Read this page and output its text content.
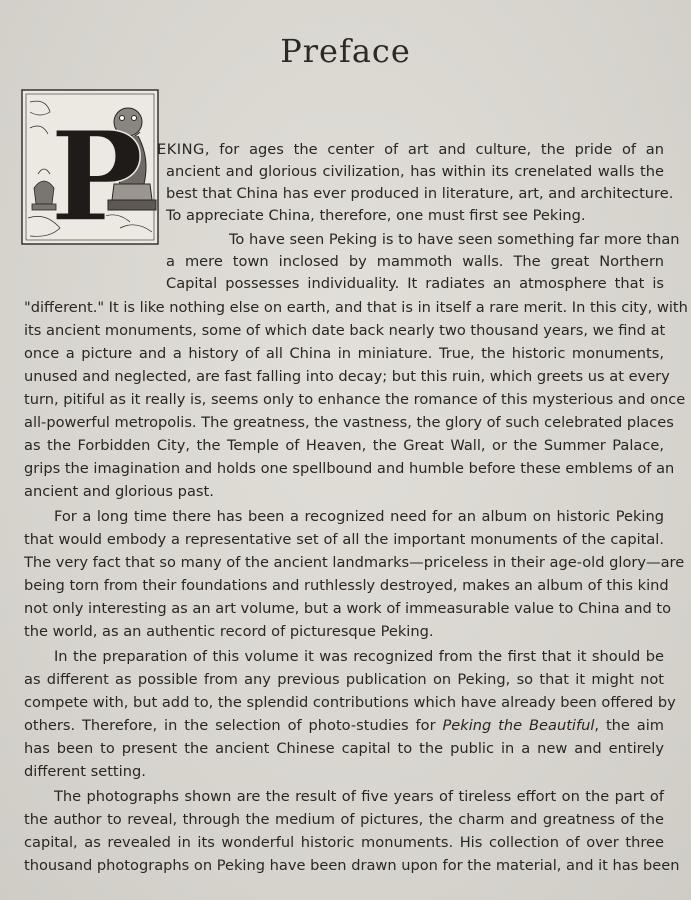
Preface
P EKING, for ages the center of art and culture, the pride of an
ancient and glorious civilization, has within its crenelated walls the
best that China has ever produced in literature, art, and architecture.
To appreciate China, therefore, one must first see Peking.
To have seen Peking is to have seen something far more than
a mere town inclosed by mammoth walls. The great Northern
Capital possesses individuality. It radiates an atmosphere that is
"different." It is like nothing else on earth, and that is in itself a rare merit. In this city, with
its ancient monuments, some of which date back nearly two thousand years, we find at
once a picture and a history of all China in miniature. True, the historic monuments,
unused and neglected, are fast falling into decay; but this ruin, which greets us at every
turn, pitiful as it really is, seems only to enhance the romance of this mysterious and once
all-powerful metropolis. The greatness, the vastness, the glory of such celebrated places
as the Forbidden City, the Temple of Heaven, the Great Wall, or the Summer Palace,
grips the imagination and holds one spellbound and humble before these emblems of an
ancient and glorious past.
For a long time there has been a recognized need for an album on historic Peking
that would embody a representative set of all the important monuments of the capital.
The very fact that so many of the ancient landmarks—priceless in their age-old glory—are
being torn from their foundations and ruthlessly destroyed, makes an album of this kind
not only interesting as an art volume, but a work of immeasurable value to China and to
the world, as an authentic record of picturesque Peking.
In the preparation of this volume it was recognized from the first that it should be
as different as possible from any previous publication on Peking, so that it might not
compete with, but add to, the splendid contributions which have already been offered by
others. Therefore, in the selection of photo-studies for Peking the Beautiful, the aim
has been to present the ancient Chinese capital to the public in a new and entirely
different setting.
The photographs shown are the result of five years of tireless effort on the part of
the author to reveal, through the medium of pictures, the charm and greatness of the
capital, as revealed in its wonderful historic monuments. His collection of over three
thousand photographs on Peking have been drawn upon for the material, and it has been
